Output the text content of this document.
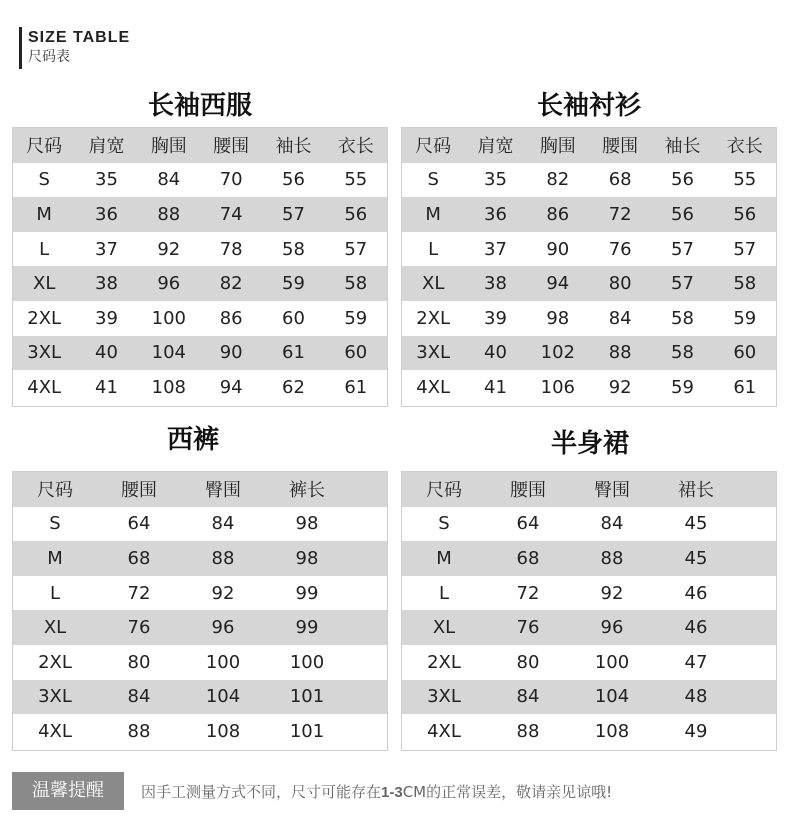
SIZE TABLE
尺码表
长袖西服
尺码	肩宽	胸围	腰围	袖长	衣长
S	35	84	70	56	55
M	36	88	74	57	56
L	37	92	78	58	57
XL	38	96	82	59	58
2XL	39	100	86	60	59
3XL	40	104	90	61	60
4XL	41	108	94	62	61
长袖衬衫
尺码	肩宽	胸围	腰围	袖长	衣长
S	35	82	68	56	55
M	36	86	72	56	56
L	37	90	76	57	57
XL	38	94	80	57	58
2XL	39	98	84	58	59
3XL	40	102	88	58	60
4XL	41	106	92	59	61
西裤
尺码	腰围	臀围	裤长
S	64	84	98
M	68	88	98
L	72	92	99
XL	76	96	99
2XL	80	100	100
3XL	84	104	101
4XL	88	108	101
半身裙
尺码	腰围	臀围	裙长
S	64	84	45
M	68	88	45
L	72	92	46
XL	76	96	46
2XL	80	100	47
3XL	84	104	48
4XL	88	108	49
温馨提醒	因手工测量方式不同，尺寸可能存在1-3CM的正常误差，敬请亲见谅哦!
